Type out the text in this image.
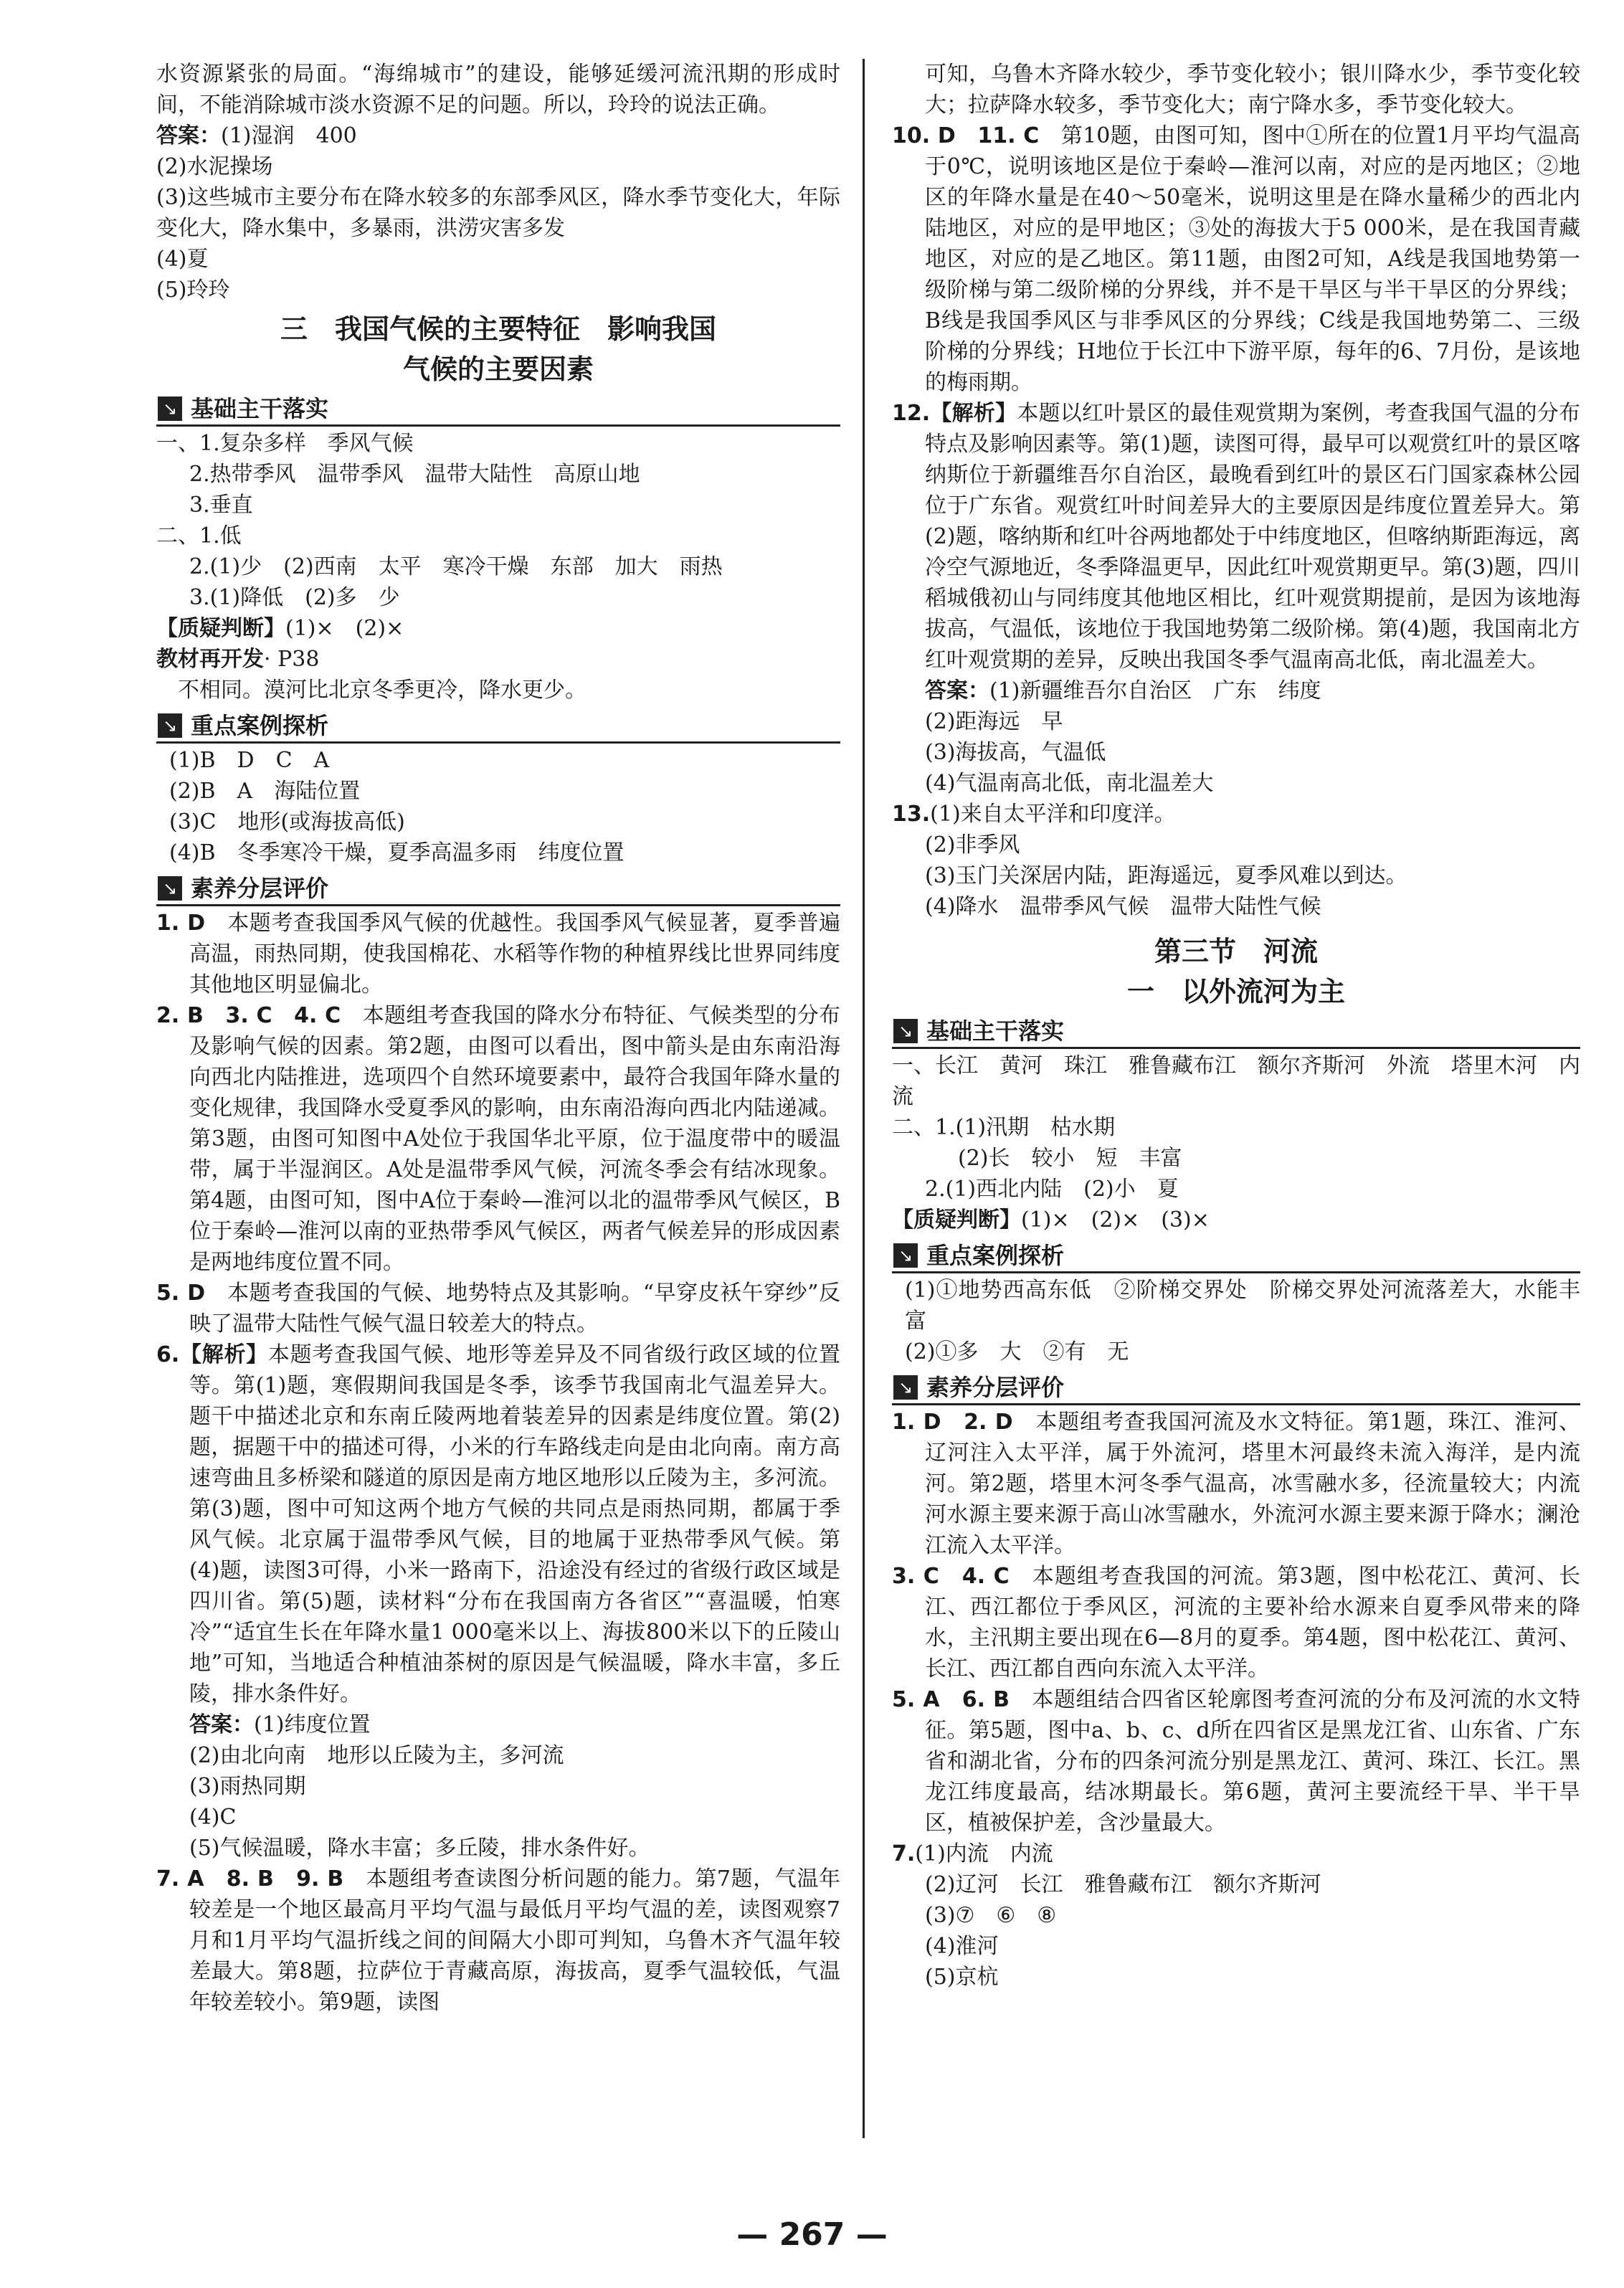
水资源紧张的局面。“海绵城市”的建设，能够延缓河流汛期的形成时间，不能消除城市淡水资源不足的问题。所以，玲玲的说法正确。

答案：(1)湿润　400

(2)水泥操场

(3)这些城市主要分布在降水较多的东部季风区，降水季节变化大，年际变化大，降水集中，多暴雨，洪涝灾害多发

(4)夏

(5)玲玲

三　我国气候的主要特征　影响我国
气候的主要因素
↘ 基础主干落实

一、1.复杂多样　季风气候

2.热带季风　温带季风　温带大陆性　高原山地

3.垂直

二、1.低

2.(1)少　(2)西南　太平　寒冷干燥　东部　加大　雨热

3.(1)降低　(2)多　少

【质疑判断】(1)×　(2)×

教材再开发· P38

不相同。漠河比北京冬季更冷，降水更少。

↘ 重点案例探析

(1)B　D　C　A

(2)B　A　海陆位置

(3)C　地形(或海拔高低)

(4)B　冬季寒冷干燥，夏季高温多雨　纬度位置

↘ 素养分层评价

1. D　 本题考查我国季风气候的优越性。我国季风气候显著，夏季普遍高温，雨热同期，使我国棉花、水稻等作物的种植界线比世界同纬度其他地区明显偏北。

2. B　3. C　4. C　 本题组考查我国的降水分布特征、气候类型的分布及影响气候的因素。第2题，由图可以看出，图中箭头是由东南沿海向西北内陆推进，选项四个自然环境要素中，最符合我国年降水量的变化规律，我国降水受夏季风的影响，由东南沿海向西北内陆递减。第3题，由图可知图中A处位于我国华北平原，位于温度带中的暖温带，属于半湿润区。A处是温带季风气候，河流冬季会有结冰现象。第4题，由图可知，图中A位于秦岭—淮河以北的温带季风气候区，B位于秦岭—淮河以南的亚热带季风气候区，两者气候差异的形成因素是两地纬度位置不同。

5. D　 本题考查我国的气候、地势特点及其影响。“早穿皮袄午穿纱”反映了温带大陆性气候气温日较差大的特点。

6.【解析】本题考查我国气候、地形等差异及不同省级行政区域的位置等。第(1)题，寒假期间我国是冬季，该季节我国南北气温差异大。题干中描述北京和东南丘陵两地着装差异的因素是纬度位置。第(2)题，据题干中的描述可得，小米的行车路线走向是由北向南。南方高速弯曲且多桥梁和隧道的原因是南方地区地形以丘陵为主，多河流。第(3)题，图中可知这两个地方气候的共同点是雨热同期，都属于季风气候。北京属于温带季风气候，目的地属于亚热带季风气候。第(4)题，读图3可得，小米一路南下，沿途没有经过的省级行政区域是四川省。第(5)题，读材料“分布在我国南方各省区”“喜温暖，怕寒冷”“适宜生长在年降水量1 000毫米以上、海拔800米以下的丘陵山地”可知，当地适合种植油茶树的原因是气候温暖，降水丰富，多丘陵，排水条件好。

答案：(1)纬度位置

(2)由北向南　地形以丘陵为主，多河流

(3)雨热同期

(4)C

(5)气候温暖，降水丰富；多丘陵，排水条件好。

7. A　8. B　9. B　 本题组考查读图分析问题的能力。第7题，气温年较差是一个地区最高月平均气温与最低月平均气温的差，读图观察7月和1月平均气温折线之间的间隔大小即可判知，乌鲁木齐气温年较差最大。第8题，拉萨位于青藏高原，海拔高，夏季气温较低，气温年较差较小。第9题，读图

可知，乌鲁木齐降水较少，季节变化较小；银川降水少，季节变化较大；拉萨降水较多，季节变化大；南宁降水多，季节变化较大。

10. D　11. C　 第10题，由图可知，图中①所在的位置1月平均气温高于0℃，说明该地区是位于秦岭—淮河以南，对应的是丙地区；②地区的年降水量是在40～50毫米，说明这里是在降水量稀少的西北内陆地区，对应的是甲地区；③处的海拔大于5 000米，是在我国青藏地区，对应的是乙地区。第11题，由图2可知，A线是我国地势第一级阶梯与第二级阶梯的分界线，并不是干旱区与半干旱区的分界线；B线是我国季风区与非季风区的分界线；C线是我国地势第二、三级阶梯的分界线；H地位于长江中下游平原，每年的6、7月份，是该地的梅雨期。

12.【解析】本题以红叶景区的最佳观赏期为案例，考查我国气温的分布特点及影响因素等。第(1)题，读图可得，最早可以观赏红叶的景区喀纳斯位于新疆维吾尔自治区，最晚看到红叶的景区石门国家森林公园位于广东省。观赏红叶时间差异大的主要原因是纬度位置差异大。第(2)题，喀纳斯和红叶谷两地都处于中纬度地区，但喀纳斯距海远，离冷空气源地近，冬季降温更早，因此红叶观赏期更早。第(3)题，四川稻城俄初山与同纬度其他地区相比，红叶观赏期提前，是因为该地海拔高，气温低，该地位于我国地势第二级阶梯。第(4)题，我国南北方红叶观赏期的差异，反映出我国冬季气温南高北低，南北温差大。

答案：(1)新疆维吾尔自治区　广东　纬度

(2)距海远　早

(3)海拔高，气温低

(4)气温南高北低，南北温差大

13.(1)来自太平洋和印度洋。

(2)非季风

(3)玉门关深居内陆，距海遥远，夏季风难以到达。

(4)降水　温带季风气候　温带大陆性气候

第三节　河流
一　以外流河为主
↘ 基础主干落实

一、长江　黄河　珠江　雅鲁藏布江　额尔齐斯河　外流　塔里木河　内流

二、1.(1)汛期　枯水期

(2)长　较小　短　丰富

2.(1)西北内陆　(2)小　夏

【质疑判断】(1)×　(2)×　(3)×

↘ 重点案例探析

(1)①地势西高东低　②阶梯交界处　阶梯交界处河流落差大，水能丰富

(2)①多　大　②有　无

↘ 素养分层评价

1. D　2. D　 本题组考查我国河流及水文特征。第1题，珠江、淮河、辽河注入太平洋，属于外流河，塔里木河最终未流入海洋，是内流河。第2题，塔里木河冬季气温高，冰雪融水多，径流量较大；内流河水源主要来源于高山冰雪融水，外流河水源主要来源于降水；澜沧江流入太平洋。

3. C　4. C　 本题组考查我国的河流。第3题，图中松花江、黄河、长江、西江都位于季风区，河流的主要补给水源来自夏季风带来的降水，主汛期主要出现在6—8月的夏季。第4题，图中松花江、黄河、长江、西江都自西向东流入太平洋。

5. A　6. B　 本题组结合四省区轮廓图考查河流的分布及河流的水文特征。第5题，图中a、b、c、d所在四省区是黑龙江省、山东省、广东省和湖北省，分布的四条河流分别是黑龙江、黄河、珠江、长江。黑龙江纬度最高，结冰期最长。第6题，黄河主要流经干旱、半干旱区，植被保护差，含沙量最大。

7.(1)内流　内流

(2)辽河　长江　雅鲁藏布江　额尔齐斯河

(3)⑦　⑥　⑧

(4)淮河

(5)京杭

— 267 —
